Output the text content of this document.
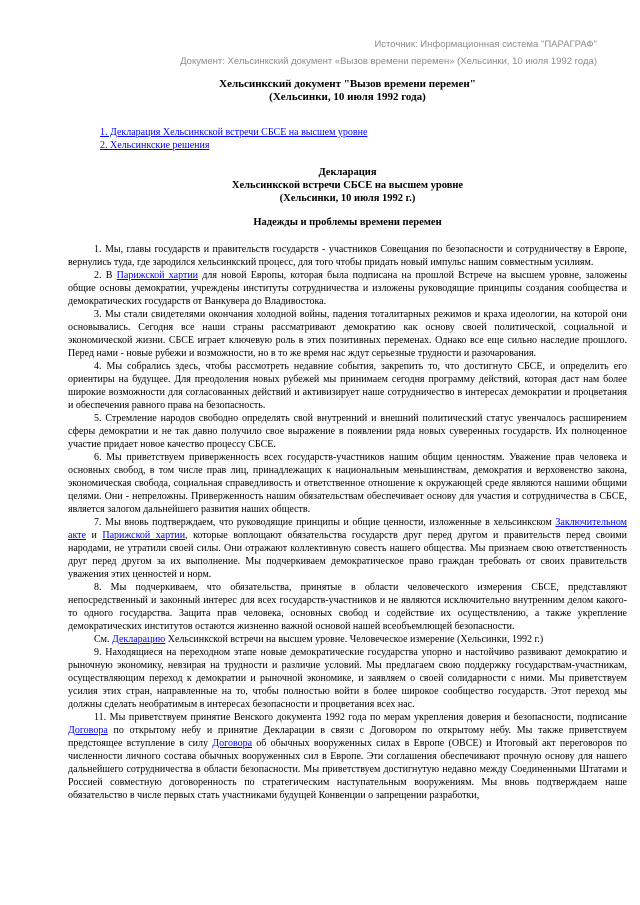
Источник: Информационная система "ПАРАГРАФ"
Документ: Хельсинкский документ «Вызов времени перемен» (Хельсинки, 10 июля 1992 года)
Хельсинкский документ "Вызов времени перемен"
(Хельсинки, 10 июля 1992 года)
1. Декларация Хельсинкской встречи СБСЕ на высшем уровне
2. Хельсинкские решения
Декларация
Хельсинкской встречи СБСЕ на высшем уровне
(Хельсинки, 10 июля 1992 г.)
Надежды и проблемы времени перемен

1. Мы, главы государств и правительств государств - участников Совещания по безопасности и сотрудничеству в Европе, вернулись туда, где зародился хельсинкский процесс, для того чтобы придать новый импульс нашим совместным усилиям.

2. В Парижской хартии для новой Европы, которая была подписана на прошлой Встрече на высшем уровне, заложены общие основы демократии, учреждены институты сотрудничества и изложены руководящие принципы создания сообщества и демократических государств от Ванкувера до Владивостока.

3. Мы стали свидетелями окончания холодной войны, падения тоталитарных режимов и краха идеологии, на которой они основывались. Сегодня все наши страны рассматривают демократию как основу своей политической, социальной и экономической жизни. СБСЕ играет ключевую роль в этих позитивных переменах. Однако все еще сильно наследие прошлого. Перед нами - новые рубежи и возможности, но в то же время нас ждут серьезные трудности и разочарования.

4. Мы собрались здесь, чтобы рассмотреть недавние события, закрепить то, что достигнуто СБСЕ, и определить его ориентиры на будущее. Для преодоления новых рубежей мы принимаем сегодня программу действий, которая даст нам более широкие возможности для согласованных действий и активизирует наше сотрудничество в интересах демократии и процветания и обеспечения равного права на безопасность.

5. Стремление народов свободно определять свой внутренний и внешний политический статус увенчалось расширением сферы демократии и не так давно получило свое выражение в появлении ряда новых суверенных государств. Их полноценное участие придает новое качество процессу СБСЕ.

6. Мы приветствуем приверженность всех государств-участников нашим общим ценностям. Уважение прав человека и основных свобод, в том числе прав лиц, принадлежащих к национальным меньшинствам, демократия и верховенство закона, экономическая свобода, социальная справедливость и ответственное отношение к окружающей среде являются нашими общими целями. Они - непреложны. Приверженность нашим обязательствам обеспечивает основу для участия и сотрудничества в СБСЕ, является залогом дальнейшего развития наших обществ.

7. Мы вновь подтверждаем, что руководящие принципы и общие ценности, изложенные в хельсинкском Заключительном акте и Парижской хартии, которые воплощают обязательства государств друг перед другом и правительств перед своими народами, не утратили своей силы. Они отражают коллективную совесть нашего общества. Мы признаем свою ответственность друг перед другом за их выполнение. Мы подчеркиваем демократическое право граждан требовать от своих правительств уважения этих ценностей и норм.

8. Мы подчеркиваем, что обязательства, принятые в области человеческого измерения СБСЕ, представляют непосредственный и законный интерес для всех государств-участников и не являются исключительно внутренним делом какого-то одного государства. Защита прав человека, основных свобод и содействие их осуществлению, а также укрепление демократических институтов остаются жизненно важной основой нашей всеобъемлющей безопасности.

См. Декларацию Хельсинкской встречи на высшем уровне. Человеческое измерение (Хельсинки, 1992 г.)

9. Находящиеся на переходном этапе новые демократические государства упорно и настойчиво развивают демократию и рыночную экономику, невзирая на трудности и различие условий. Мы предлагаем свою поддержку государствам-участникам, осуществляющим переход к демократии и рыночной экономике, и заявляем о своей солидарности с ними. Мы приветствуем усилия этих стран, направленные на то, чтобы полностью войти в более широкое сообщество государств. Этот переход мы должны сделать необратимым в интересах безопасности и процветания всех нас.

11. Мы приветствуем принятие Венского документа 1992 года по мерам укрепления доверия и безопасности, подписание Договора по открытому небу и принятие Декларации в связи с Договором по открытому небу. Мы также приветствуем предстоящее вступление в силу Договора об обычных вооруженных силах в Европе (ОВСЕ) и Итоговый акт переговоров по численности личного состава обычных вооруженных сил в Европе. Эти соглашения обеспечивают прочную основу для нашего дальнейшего сотрудничества в области безопасности. Мы приветствуем достигнутую недавно между Соединенными Штатами и Россией совместную договоренность по стратегическим наступательным вооружениям. Мы вновь подтверждаем наше обязательство в числе первых стать участниками будущей Конвенции о запрещении разработки,
